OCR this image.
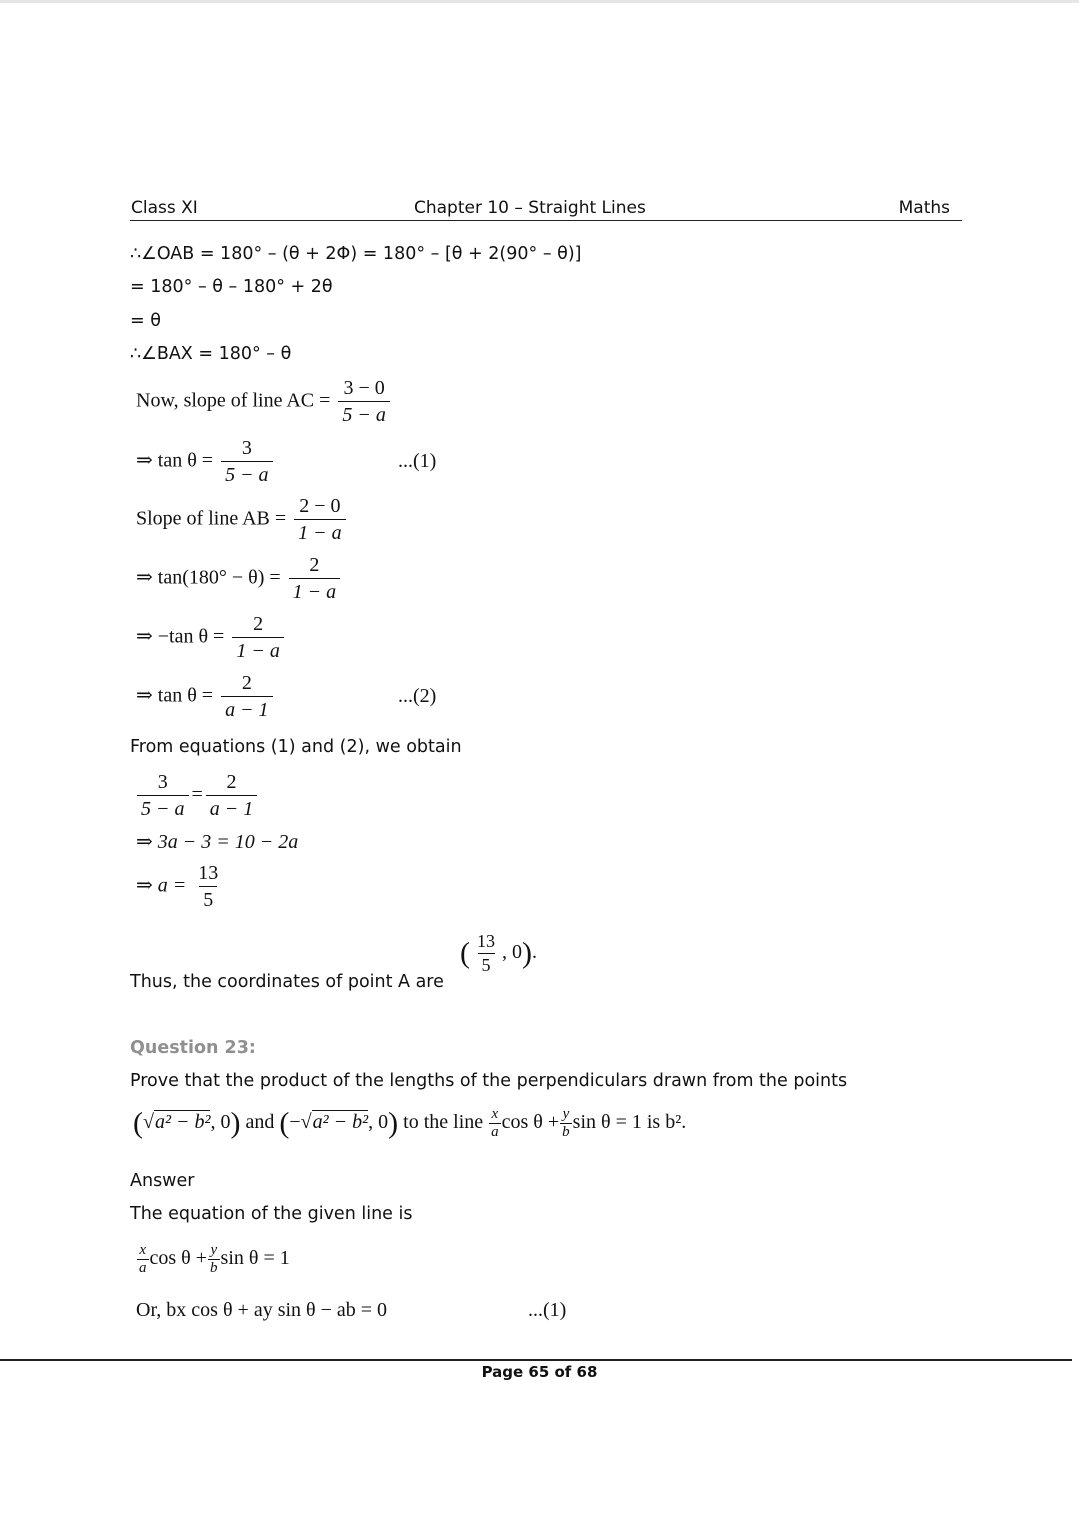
Class XI	Chapter 10 – Straight Lines	Maths
∴∠OAB = 180° – (θ + 2Φ) = 180° – [θ + 2(90° – θ)]
= 180° – θ – 180° + 2θ
= θ
∴∠BAX = 180° – θ
Now, slope of line AC = $\frac{3 - 0}{5 - a}$
⇒ $\tan \theta = \frac{3}{5 - a}$	...(1)
Slope of line AB = $\frac{2 - 0}{1 - a}$
⇒ $\tan(180^\circ - \theta) = \frac{2}{1 - a}$
⇒ −tan $\theta = \frac{2}{1 - a}$
⇒ $\tan \theta = \frac{2}{a - 1}$	...(2)
From equations (1) and (2), we obtain
$\frac{3}{5 - a} = \frac{2}{a - 1}$
⇒ 3a − 3 = 10 − 2a
⇒ $a = \frac{13}{5}$
Thus, the coordinates of point A are
( $\frac{13}{5}$ , 0).
Question 23:
Prove that the product of the lengths of the perpendiculars drawn from the points
(√a² − b², 0) and (−√a² − b², 0) to the line $\frac{x}{a}$ $\cos \theta + \frac{y}{b}$ sin θ = 1 is b².
Answer
The equation of the given line is
$\frac{x}{a}$ $\cos \theta + \frac{y}{b}$ sin θ = 1
Or, bx cos θ + ay sin θ − ab = 0	...(1)
Page 65 of 68
